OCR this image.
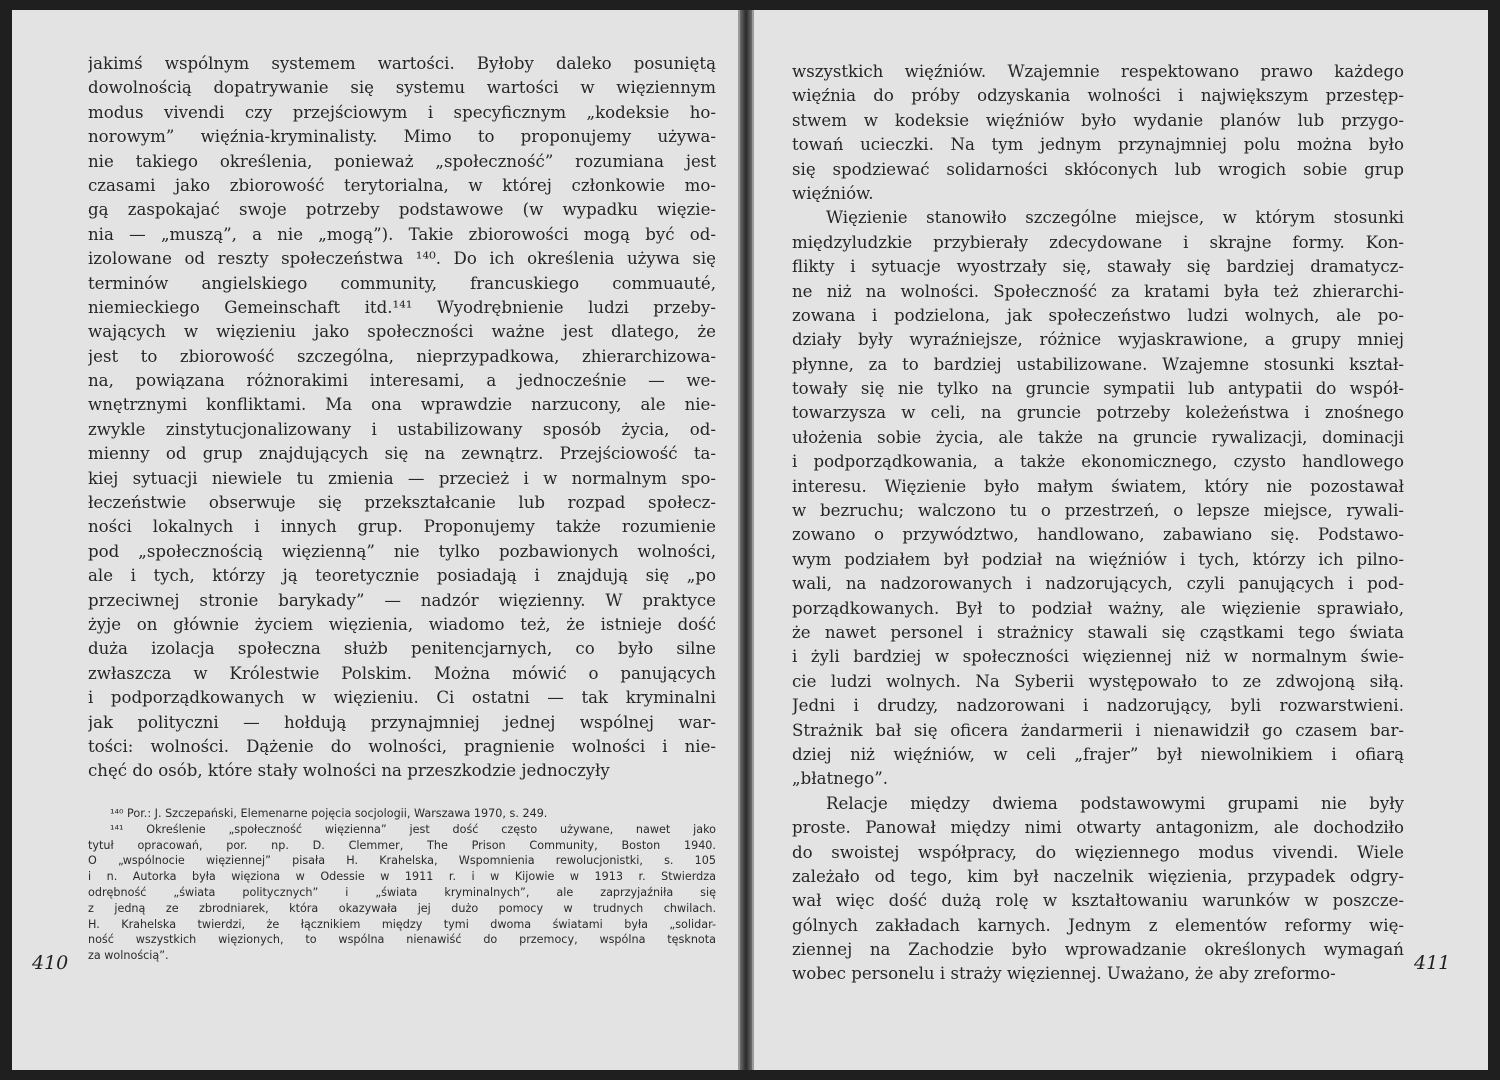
jakimś wspólnym systemem wartości. Byłoby daleko posuniętą
dowolnością dopatrywanie się systemu wartości w więziennym
modus vivendi czy przejściowym i specyficznym „kodeksie ho-
norowym” więźnia-kryminalisty. Mimo to proponujemy używa-
nie takiego określenia, ponieważ „społeczność” rozumiana jest
czasami jako zbiorowość terytorialna, w której członkowie mo-
gą zaspokajać swoje potrzeby podstawowe (w wypadku więzie-
nia — „muszą”, a nie „mogą”). Takie zbiorowości mogą być od-
izolowane od reszty społeczeństwa ¹⁴⁰. Do ich określenia używa się
terminów angielskiego community, francuskiego commuauté,
niemieckiego Gemeinschaft itd.¹⁴¹ Wyodrębnienie ludzi przeby-
wających w więzieniu jako społeczności ważne jest dlatego, że
jest to zbiorowość szczególna, nieprzypadkowa, zhierarchizowa-
na, powiązana różnorakimi interesami, a jednocześnie — we-
wnętrznymi konfliktami. Ma ona wprawdzie narzucony, ale nie-
zwykle zinstytucjonalizowany i ustabilizowany sposób życia, od-
mienny od grup znajdujących się na zewnątrz. Przejściowość ta-
kiej sytuacji niewiele tu zmienia — przecież i w normalnym spo-
łeczeństwie obserwuje się przekształcanie lub rozpad społecz-
ności lokalnych i innych grup. Proponujemy także rozumienie
pod „społecznością więzienną” nie tylko pozbawionych wolności,
ale i tych, którzy ją teoretycznie posiadają i znajdują się „po
przeciwnej stronie barykady” — nadzór więzienny. W praktyce
żyje on głównie życiem więzienia, wiadomo też, że istnieje dość
duża izolacja społeczna służb penitencjarnych, co było silne
zwłaszcza w Królestwie Polskim. Można mówić o panujących
i podporządkowanych w więzieniu. Ci ostatni — tak kryminalni
jak polityczni — hołdują przynajmniej jednej wspólnej war-
tości: wolności. Dążenie do wolności, pragnienie wolności i nie-
chęć do osób, które stały wolności na przeszkodzie jednoczyły
¹⁴⁰ Por.: J. Szczepański, Elemenarne pojęcia socjologii, Warszawa 1970, s. 249.
¹⁴¹ Określenie „społeczność więzienna” jest dość często używane, nawet jako
tytuł opracowań, por. np. D. Clemmer, The Prison Community, Boston 1940.
O „wspólnocie więziennej” pisała H. Krahelska, Wspomnienia rewolucjonistki, s. 105
i n. Autorka była więziona w Odessie w 1911 r. i w Kijowie w 1913 r. Stwierdza
odrębność „świata politycznych” i „świata kryminalnych”, ale zaprzyjaźniła się
z jedną ze zbrodniarek, która okazywała jej dużo pomocy w trudnych chwilach.
H. Krahelska twierdzi, że łącznikiem między tymi dwoma światami była „solidar-
ność wszystkich więzionych, to wspólna nienawiść do przemocy, wspólna tęsknota
za wolnością”.
410
wszystkich więźniów. Wzajemnie respektowano prawo każdego
więźnia do próby odzyskania wolności i największym przestęp-
stwem w kodeksie więźniów było wydanie planów lub przygo-
towań ucieczki. Na tym jednym przynajmniej polu można było
się spodziewać solidarności skłóconych lub wrogich sobie grup
więźniów.
Więzienie stanowiło szczególne miejsce, w którym stosunki
międzyludzkie przybierały zdecydowane i skrajne formy. Kon-
flikty i sytuacje wyostrzały się, stawały się bardziej dramatycz-
ne niż na wolności. Społeczność za kratami była też zhierarchi-
zowana i podzielona, jak społeczeństwo ludzi wolnych, ale po-
działy były wyraźniejsze, różnice wyjaskrawione, a grupy mniej
płynne, za to bardziej ustabilizowane. Wzajemne stosunki kształ-
towały się nie tylko na gruncie sympatii lub antypatii do współ-
towarzysza w celi, na gruncie potrzeby koleżeństwa i znośnego
ułożenia sobie życia, ale także na gruncie rywalizacji, dominacji
i podporządkowania, a także ekonomicznego, czysto handlowego
interesu. Więzienie było małym światem, który nie pozostawał
w bezruchu; walczono tu o przestrzeń, o lepsze miejsce, rywali-
zowano o przywództwo, handlowano, zabawiano się. Podstawo-
wym podziałem był podział na więźniów i tych, którzy ich pilno-
wali, na nadzorowanych i nadzorujących, czyli panujących i pod-
porządkowanych. Był to podział ważny, ale więzienie sprawiało,
że nawet personel i strażnicy stawali się cząstkami tego świata
i żyli bardziej w społeczności więziennej niż w normalnym świe-
cie ludzi wolnych. Na Syberii występowało to ze zdwojoną siłą.
Jedni i drudzy, nadzorowani i nadzorujący, byli rozwarstwieni.
Strażnik bał się oficera żandarmerii i nienawidził go czasem bar-
dziej niż więźniów, w celi „frajer” był niewolnikiem i ofiarą
„błatnego”.
Relacje między dwiema podstawowymi grupami nie były
proste. Panował między nimi otwarty antagonizm, ale dochodziło
do swoistej współpracy, do więziennego modus vivendi. Wiele
zależało od tego, kim był naczelnik więzienia, przypadek odgry-
wał więc dość dużą rolę w kształtowaniu warunków w poszcze-
gólnych zakładach karnych. Jednym z elementów reformy wię-
ziennej na Zachodzie było wprowadzanie określonych wymagań
wobec personelu i straży więziennej. Uważano, że aby zreformo-	411
